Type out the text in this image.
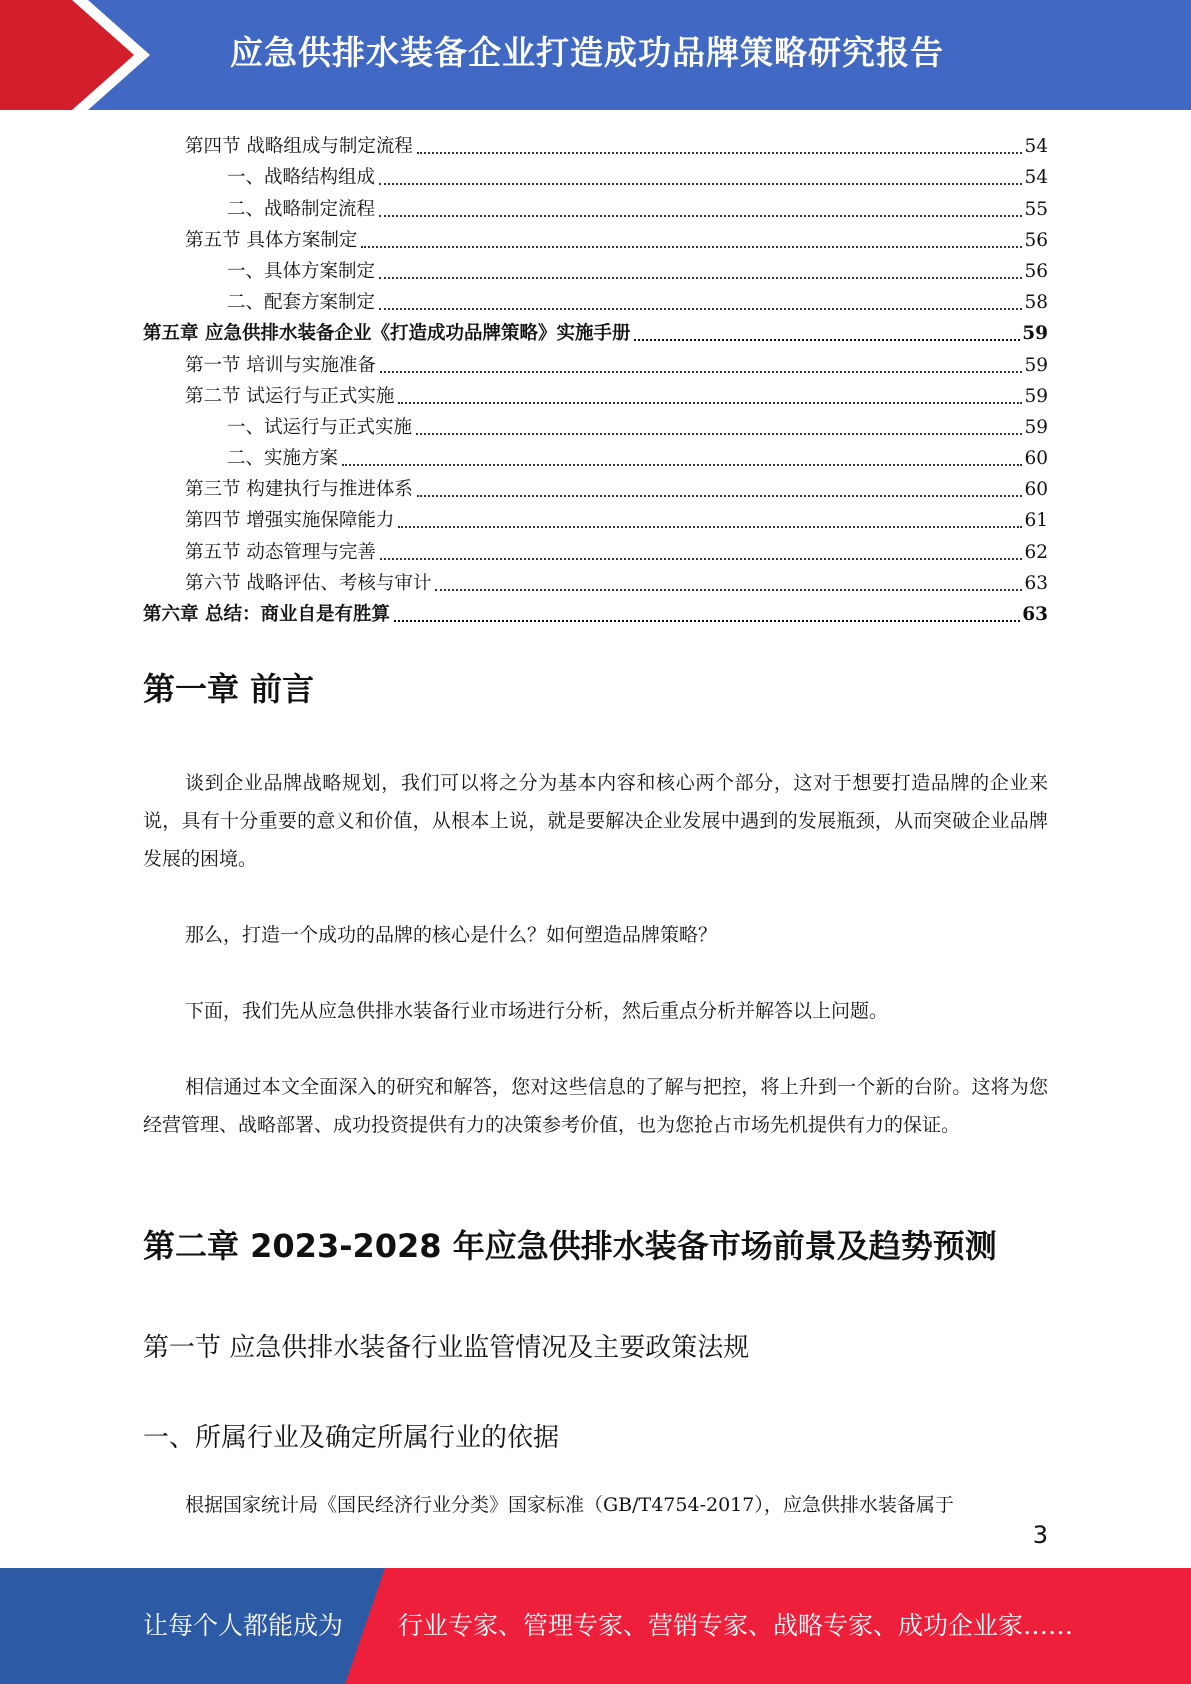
应急供排水装备企业打造成功品牌策略研究报告
第四节 战略组成与制定流程	54
一、战略结构组成	54
二、战略制定流程	55
第五节 具体方案制定	56
一、具体方案制定	56
二、配套方案制定	58
第五章 应急供排水装备企业《打造成功品牌策略》实施手册	59
第一节 培训与实施准备	59
第二节 试运行与正式实施	59
一、试运行与正式实施	59
二、实施方案	60
第三节 构建执行与推进体系	60
第四节 增强实施保障能力	61
第五节 动态管理与完善	62
第六节 战略评估、考核与审计	63
第六章 总结：商业自是有胜算	63
第一章 前言

谈到企业品牌战略规划，我们可以将之分为基本内容和核心两个部分，这对于想要打造品牌的企业来说，具有十分重要的意义和价值，从根本上说，就是要解决企业发展中遇到的发展瓶颈，从而突破企业品牌发展的困境。

那么，打造一个成功的品牌的核心是什么？如何塑造品牌策略？

下面，我们先从应急供排水装备行业市场进行分析，然后重点分析并解答以上问题。

相信通过本文全面深入的研究和解答，您对这些信息的了解与把控，将上升到一个新的台阶。这将为您经营管理、战略部署、成功投资提供有力的决策参考价值，也为您抢占市场先机提供有力的保证。

第二章 2023-2028 年应急供排水装备市场前景及趋势预测
第一节 应急供排水装备行业监管情况及主要政策法规
一、所属行业及确定所属行业的依据

根据国家统计局《国民经济行业分类》国家标准（GB/T4754-2017），应急供排水装备属于

3
让每个人都能成为 行业专家、管理专家、营销专家、战略专家、成功企业家……
